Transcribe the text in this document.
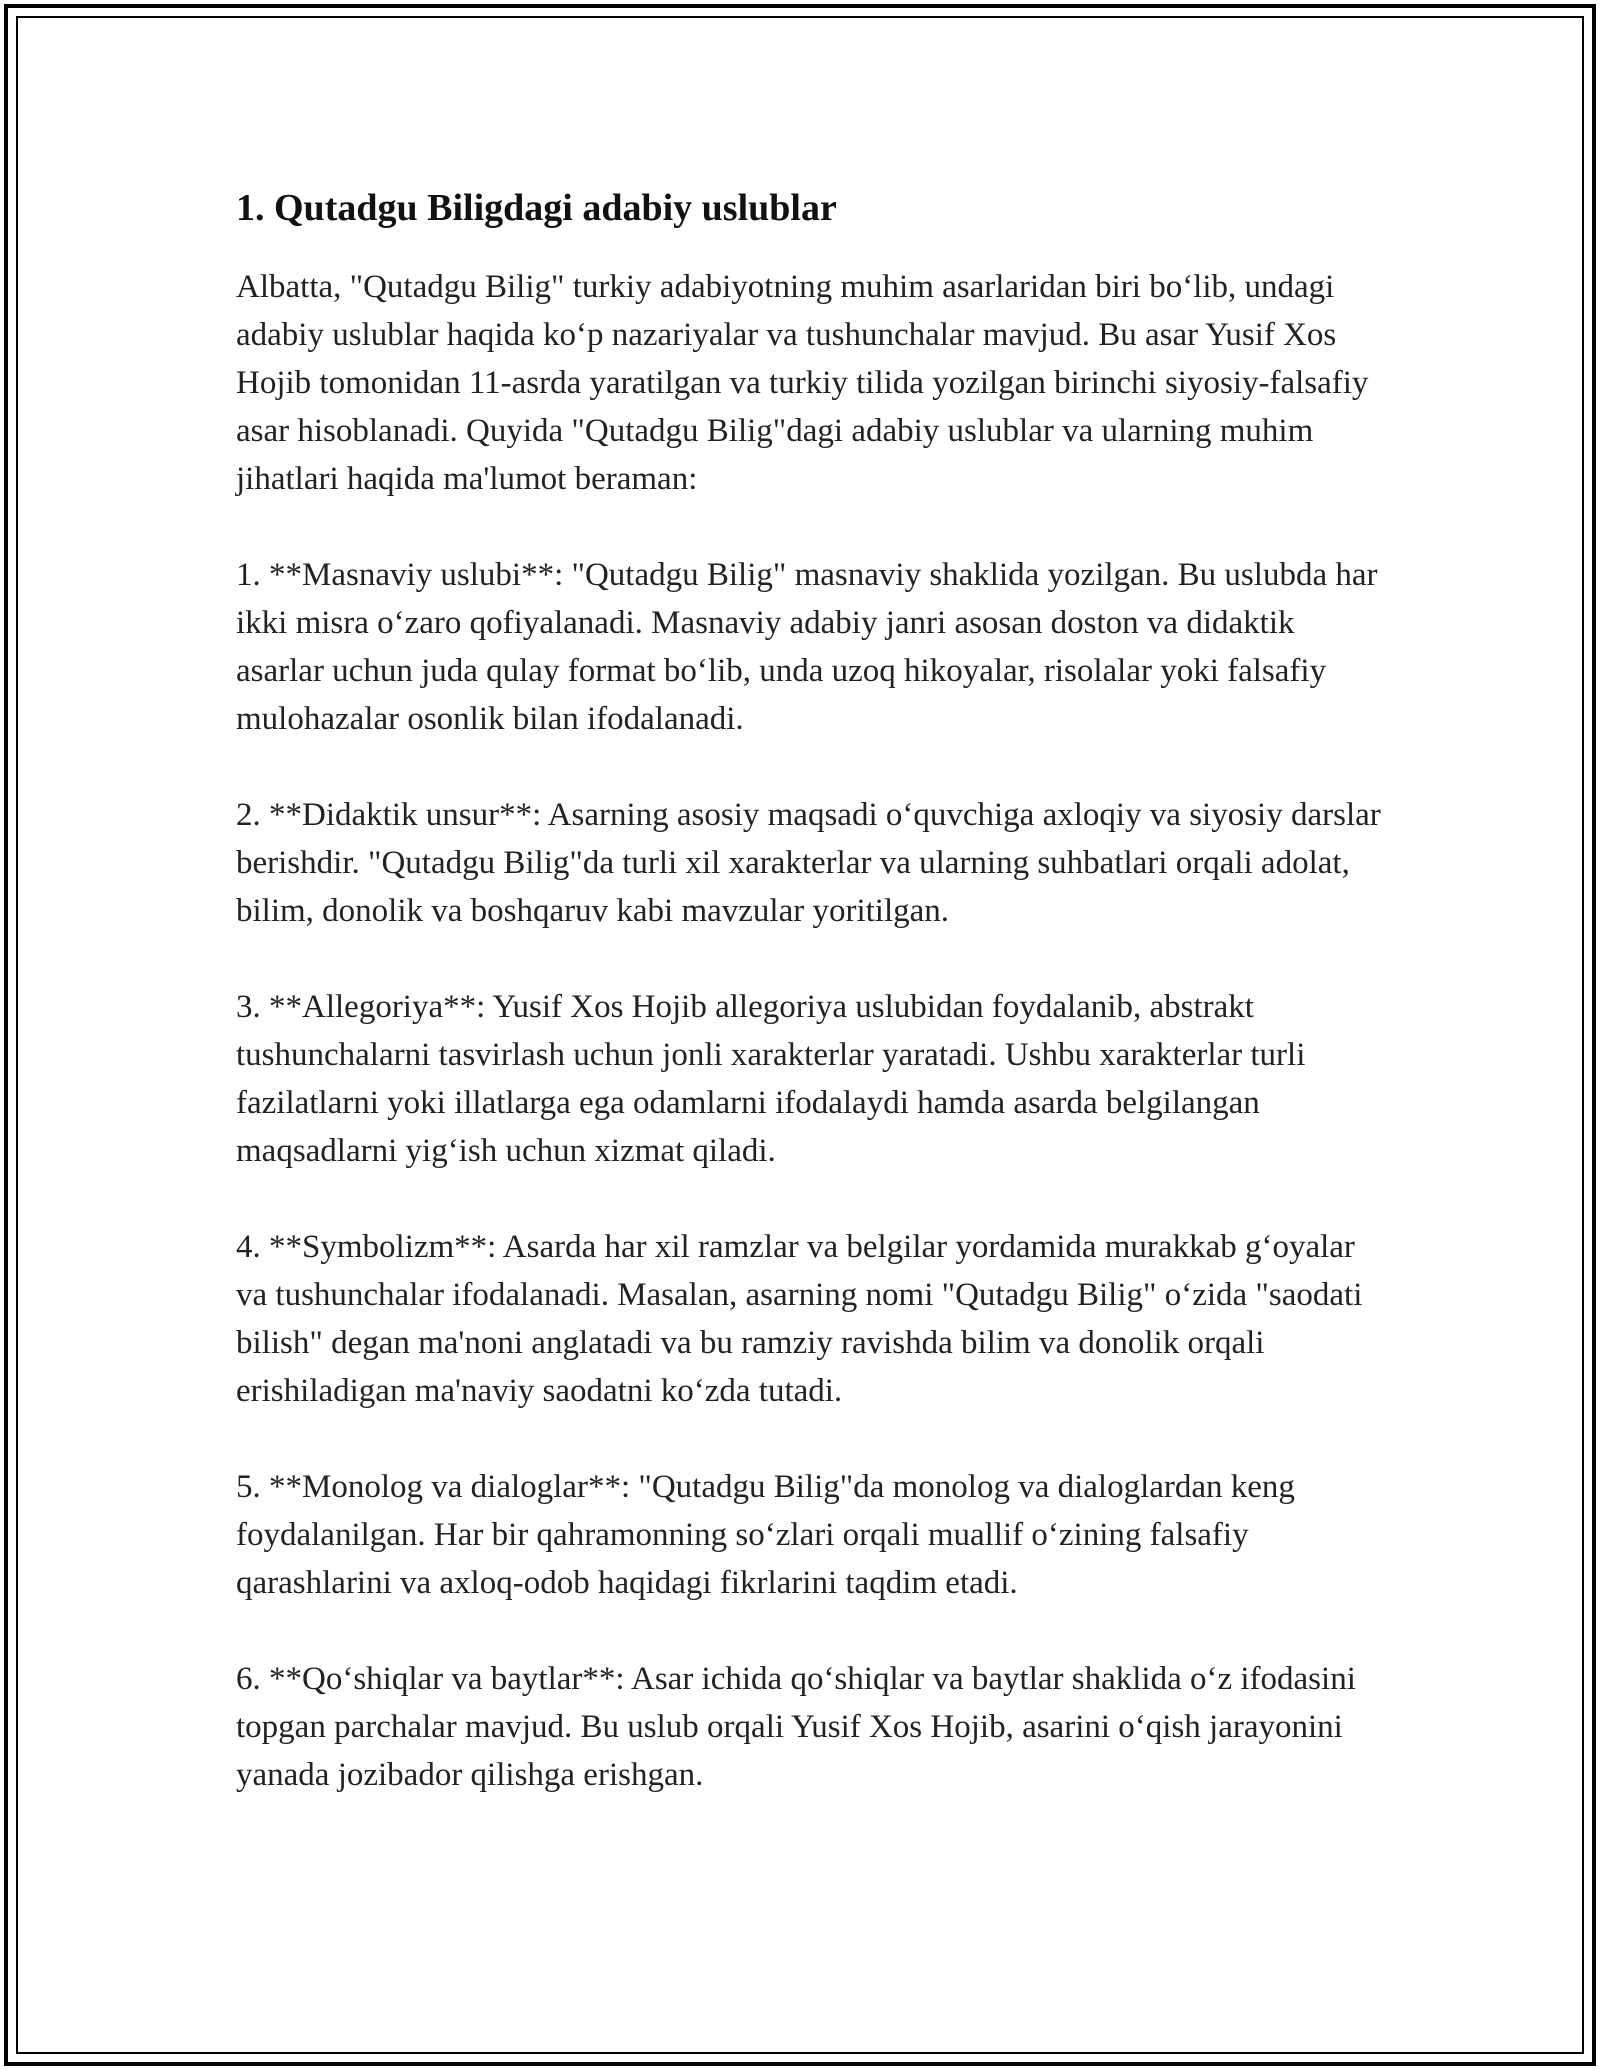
1. Qutadgu Biligdagi adabiy uslublar

Albatta, "Qutadgu Bilig" turkiy adabiyotning muhim asarlaridan biri bo‘lib, undagi adabiy uslublar haqida ko‘p nazariyalar va tushunchalar mavjud. Bu asar Yusif Xos Hojib tomonidan 11-asrda yaratilgan va turkiy tilida yozilgan birinchi siyosiy-falsafiy asar hisoblanadi. Quyida "Qutadgu Bilig"dagi adabiy uslublar va ularning muhim jihatlari haqida ma'lumot beraman:

1. **Masnaviy uslubi**: "Qutadgu Bilig" masnaviy shaklida yozilgan. Bu uslubda har ikki misra o‘zaro qofiyalanadi. Masnaviy adabiy janri asosan doston va didaktik asarlar uchun juda qulay format bo‘lib, unda uzoq hikoyalar, risolalar yoki falsafiy mulohazalar osonlik bilan ifodalanadi.

2. **Didaktik unsur**: Asarning asosiy maqsadi o‘quvchiga axloqiy va siyosiy darslar berishdir. "Qutadgu Bilig"da turli xil xarakterlar va ularning suhbatlari orqali adolat, bilim, donolik va boshqaruv kabi mavzular yoritilgan.

3. **Allegoriya**: Yusif Xos Hojib allegoriya uslubidan foydalanib, abstrakt tushunchalarni tasvirlash uchun jonli xarakterlar yaratadi. Ushbu xarakterlar turli fazilatlarni yoki illatlarga ega odamlarni ifodalaydi hamda asarda belgilangan maqsadlarni yig‘ish uchun xizmat qiladi.

4. **Symbolizm**: Asarda har xil ramzlar va belgilar yordamida murakkab g‘oyalar va tushunchalar ifodalanadi. Masalan, asarning nomi "Qutadgu Bilig" o‘zida "saodati bilish" degan ma'noni anglatadi va bu ramziy ravishda bilim va donolik orqali erishiladigan ma'naviy saodatni ko‘zda tutadi.

5. **Monolog va dialoglar**: "Qutadgu Bilig"da monolog va dialoglardan keng foydalanilgan. Har bir qahramonning so‘zlari orqali muallif o‘zining falsafiy qarashlarini va axloq-odob haqidagi fikrlarini taqdim etadi.

6. **Qo‘shiqlar va baytlar**: Asar ichida qo‘shiqlar va baytlar shaklida o‘z ifodasini topgan parchalar mavjud. Bu uslub orqali Yusif Xos Hojib, asarini o‘qish jarayonini yanada jozibador qilishga erishgan.
